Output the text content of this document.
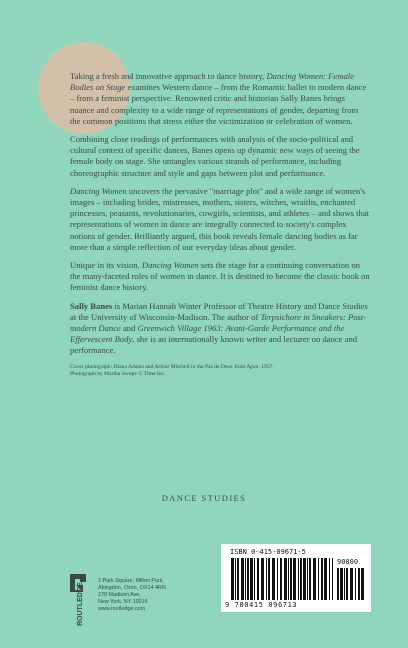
Taking a fresh and innovative approach to dance history, Dancing Women: Female Bodies on Stage examines Western dance – from the Romantic ballet to modern dance – from a feminist perspective. Renowned critic and historian Sally Banes brings nuance and complexity to a wide range of representations of gender, departing from the common positions that stress either the victimization or celebration of women.

Combining close readings of performances with analysis of the socio-political and cultural context of specific dances, Banes opens up dynamic new ways of seeing the female body on stage. She untangles various strands of performance, including choreographic structure and style and gaps between plot and performance.

Dancing Women uncovers the pervasive "marriage plot" and a wide range of women's images – including brides, mistresses, mothers, sisters, witches, wraiths, enchanted princesses, peasants, revolutionaries, cowgirls, scientists, and athletes – and shows that representations of women in dance are integrally connected to society's complex notions of gender. Brilliantly argued, this book reveals female dancing bodies as far more than a simple reflection of our everyday ideas about gender.

Unique in its vision, Dancing Women sets the stage for a continuing conversation on the many-faceted roles of women in dance. It is destined to become the classic book on feminist dance history.

Sally Banes is Marian Hannah Winter Professor of Theatre History and Dance Studies at the University of Wisconsin-Madison. The author of Terpsichore in Sneakers: Post-modern Dance and Greenwich Village 1963: Avant-Garde Performance and the Effervescent Body, she is an internationally known writer and lecturer on dance and performance.

Cover photograph: Diana Adams and Arthur Mitchell in the Pas de Deux from Agon, 1957.
Photograph by Martha Swope © Time Inc.

DANCE STUDIES
ROUTLEDGE
2 Park Square, Milton Park,
Abingdon, Oxon, OX14 4RN
270 Madison Ave,
New York, NY 10016
www.routledge.com
ISBN 0-415-09671-5
90000
9 780415 096713
